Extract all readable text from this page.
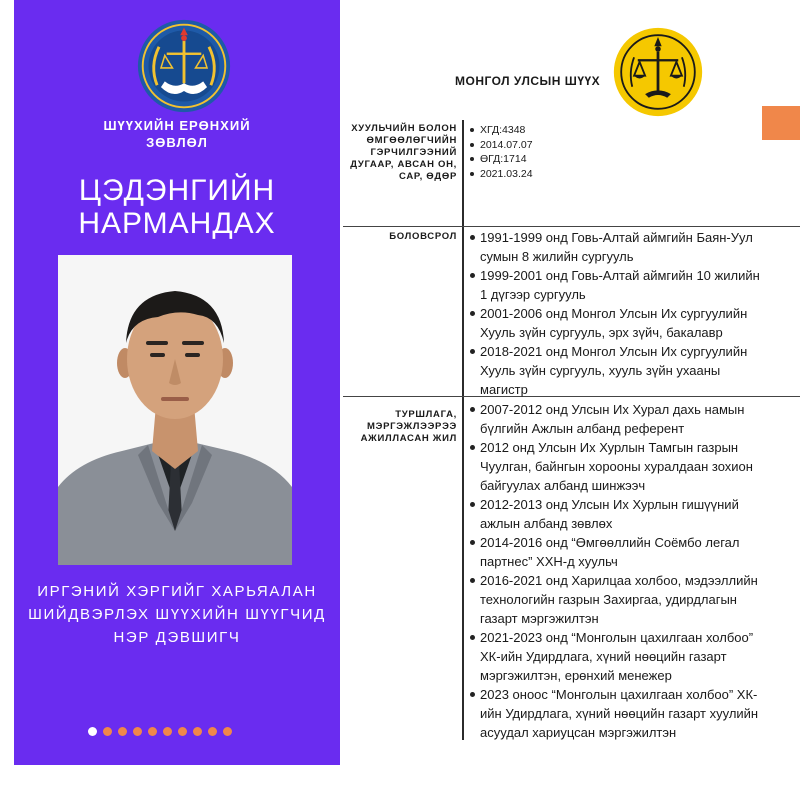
ШҮҮХИЙН ЕРӨНХИЙ
ЗӨВЛӨЛ
ЦЭДЭНГИЙН
НАРМАНДАХ
ИРГЭНИЙ ХЭРГИЙГ ХАРЬЯАЛАН
ШИЙДВЭРЛЭХ ШҮҮХИЙН ШҮҮГЧИД
НЭР ДЭВШИГЧ
МОНГОЛ УЛСЫН ШҮҮХ
ХУУЛЬЧИЙН БОЛОН
ӨМГӨӨЛӨГЧИЙН
ГЭРЧИЛГЭЭНИЙ
ДУГААР, АВСАН ОН,
САР, ӨДӨР
ХГД:4348
2014.07.07
ӨГД:1714
2021.03.24
БОЛОВСРОЛ 1991-1999 онд Говь-Алтай аймгийн Баян-Уул
сумын 8 жилийн сургууль
1999-2001 онд Говь-Алтай аймгийн 10 жилийн
1 дүгээр сургууль
2001-2006 онд Монгол Улсын Их сургуулийн
Хууль зүйн сургууль, эрх зүйч, бакалавр
2018-2021 онд Монгол Улсын Их сургуулийн
Хууль зүйн сургууль, хууль зүйн ухааны
магистр
ТУРШЛАГА,
МЭРГЭЖЛЭЭРЭЭ
АЖИЛЛАСАН ЖИЛ
2007-2012 онд Улсын Их Хурал дахь намын
бүлгийн Ажлын албанд референт
2012 онд Улсын Их Хурлын Тамгын газрын
Чуулган, байнгын хорооны хуралдаан зохион
байгуулах албанд шинжээч
2012-2013 онд Улсын Их Хурлын гишүүний
ажлын албанд зөвлөх
2014-2016 онд “Өмгөөллийн Соёмбо легал
партнес” ХХН-д хуульч
2016-2021 онд Харилцаа холбоо, мэдээллийн
технологийн газрын Захиргаа, удирдлагын
газарт мэргэжилтэн
2021-2023 онд “Монголын цахилгаан холбоо”
ХК-ийн Удирдлага, хүний нөөцийн газарт
мэргэжилтэн, ерөнхий менежер
2023 оноос “Монголын цахилгаан холбоо” ХК-
ийн Удирдлага, хүний нөөцийн газарт хуулийн
асуудал хариуцсан мэргэжилтэн
